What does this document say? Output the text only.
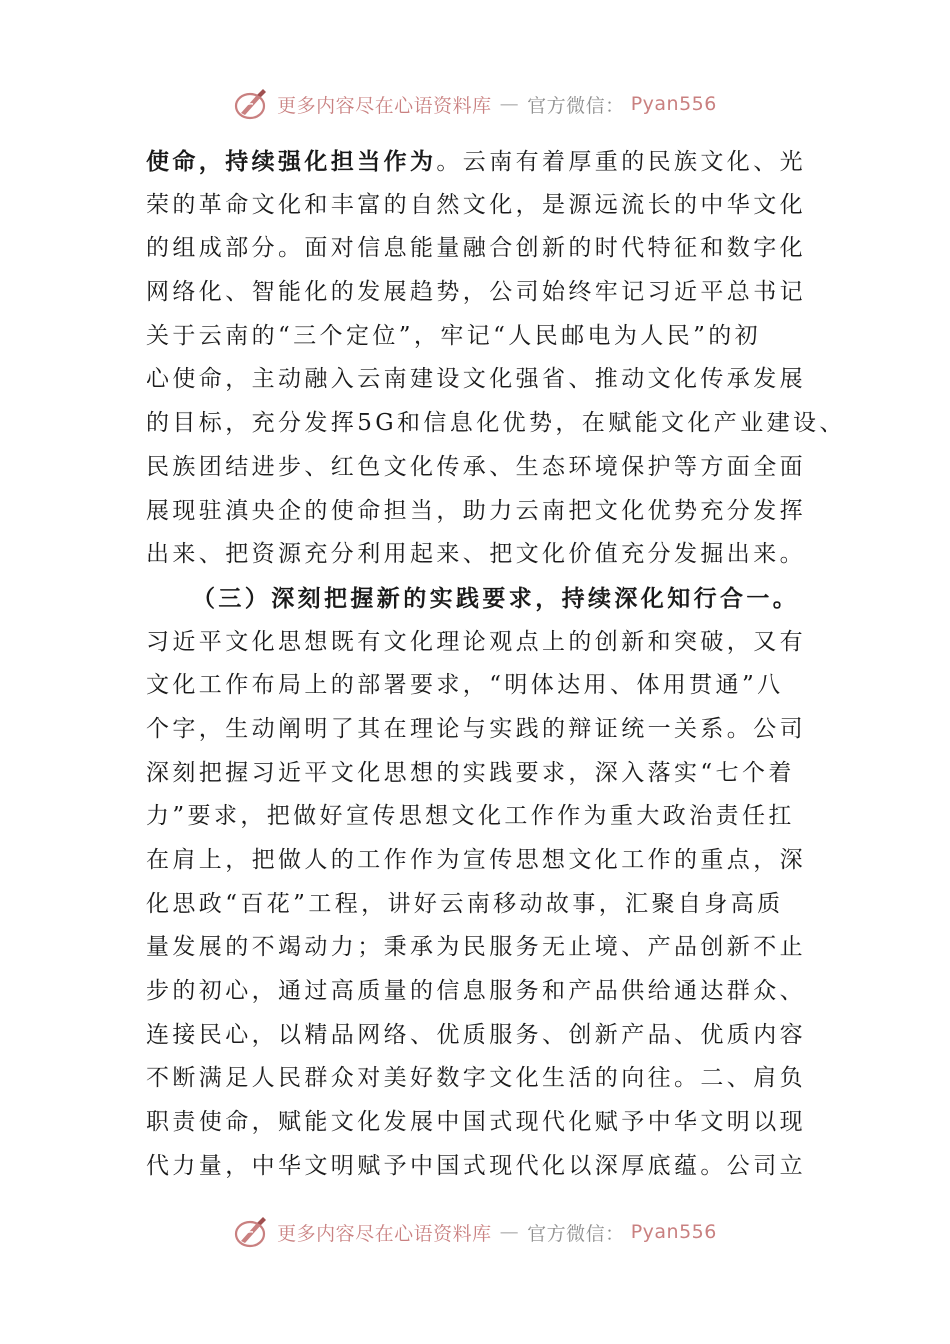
更多内容尽在心语资料库 — 官方微信： Pyan556
使命，持续强化担当作为。云南有着厚重的民族文化、光
荣的革命文化和丰富的自然文化，是源远流长的中华文化
的组成部分。面对信息能量融合创新的时代特征和数字化
网络化、智能化的发展趋势，公司始终牢记习近平总书记
关于云南的“三个定位”，牢记“人民邮电为人民”的初
心使命，主动融入云南建设文化强省、推动文化传承发展
的目标，充分发挥5G和信息化优势，在赋能文化产业建设、
民族团结进步、红色文化传承、生态环境保护等方面全面
展现驻滇央企的使命担当，助力云南把文化优势充分发挥
出来、把资源充分利用起来、把文化价值充分发掘出来。
（三）深刻把握新的实践要求，持续深化知行合一。
习近平文化思想既有文化理论观点上的创新和突破，又有
文化工作布局上的部署要求，“明体达用、体用贯通”八
个字，生动阐明了其在理论与实践的辩证统一关系。公司
深刻把握习近平文化思想的实践要求，深入落实“七个着
力”要求，把做好宣传思想文化工作作为重大政治责任扛
在肩上，把做人的工作作为宣传思想文化工作的重点，深
化思政“百花”工程，讲好云南移动故事，汇聚自身高质
量发展的不竭动力；秉承为民服务无止境、产品创新不止
步的初心，通过高质量的信息服务和产品供给通达群众、
连接民心，以精品网络、优质服务、创新产品、优质内容
不断满足人民群众对美好数字文化生活的向往。二、肩负
职责使命，赋能文化发展中国式现代化赋予中华文明以现
代力量，中华文明赋予中国式现代化以深厚底蕴。公司立
更多内容尽在心语资料库 — 官方微信： Pyan556
